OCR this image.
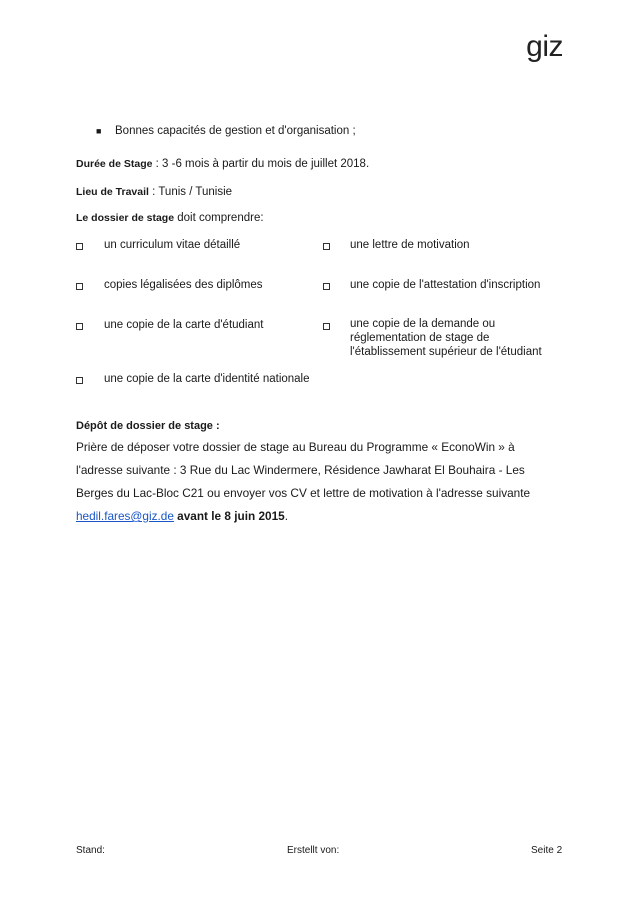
giz
■ Bonnes capacités de gestion et d'organisation ;
Durée de Stage : 3 -6 mois à partir du mois de juillet 2018.
Lieu de Travail : Tunis / Tunisie
Le dossier de stage doit comprendre:
un curriculum vitae détaillé
copies légalisées des diplômes
une copie de la carte d'étudiant
une copie de la carte d'identité nationale
une lettre de motivation
une copie de l'attestation d'inscription
une copie de la demande ou
réglementation de stage de
l'établissement supérieur de l'étudiant
Dépôt de dossier de stage :
Prière de déposer votre dossier de stage au Bureau du Programme « EconoWin » à
l'adresse suivante : 3 Rue du Lac Windermere, Résidence Jawharat El Bouhaira - Les
Berges du Lac-Bloc C21 ou envoyer vos CV et lettre de motivation à l'adresse suivante
hedil.fares@giz.de avant le 8 juin 2015.
Stand:	Erstellt von:	Seite 2
